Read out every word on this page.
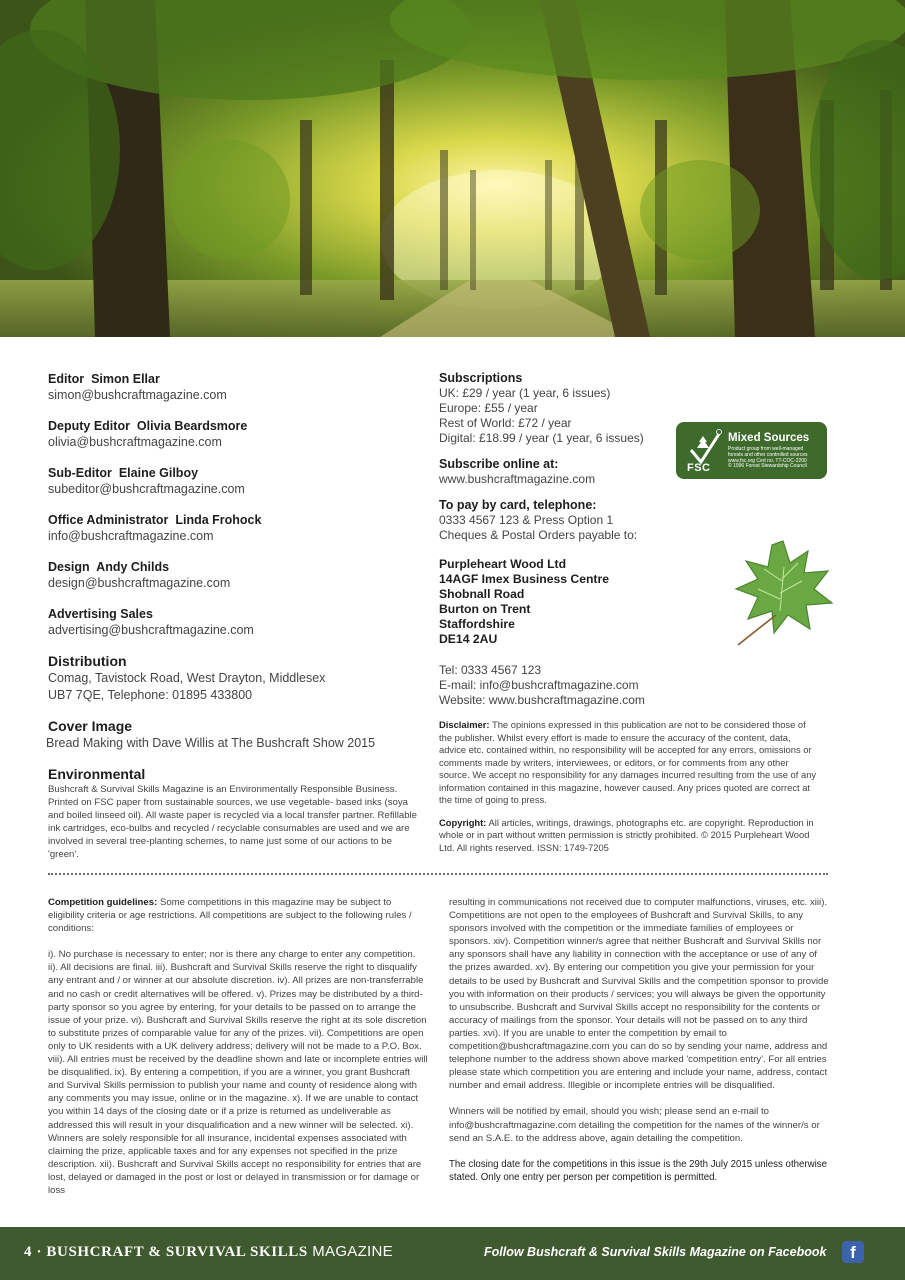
Editor Simon Ellar
simon@bushcraftmagazine.com
Deputy Editor Olivia Beardsmore
olivia@bushcraftmagazine.com
Sub-Editor Elaine Gilboy
subeditor@bushcraftmagazine.com
Office Administrator Linda Frohock
info@bushcraftmagazine.com
Design Andy Childs
design@bushcraftmagazine.com
Advertising Sales
advertising@bushcraftmagazine.com
Distribution
Comag, Tavistock Road, West Drayton, Middlesex
UB7 7QE, Telephone: 01895 433800
Cover Image
Bread Making with Dave Willis at The Bushcraft Show 2015
Environmental
Bushcraft & Survival Skills Magazine is an Environmentally Responsible Business. Printed on FSC paper from sustainable sources, we use vegetable- based inks (soya and boiled linseed oil). All waste paper is recycled via a local transfer partner. Refillable ink cartridges, eco-bulbs and recycled / recyclable consumables are used and we are involved in several tree-planting schemes, to name just some of our actions to be 'green'.
Subscriptions
UK: £29 / year (1 year, 6 issues)
Europe: £55 / year
Rest of World: £72 / year
Digital: £18.99 / year (1 year, 6 issues)
Subscribe online at:
www.bushcraftmagazine.com
To pay by card, telephone:
0333 4567 123 & Press Option 1
Cheques & Postal Orders payable to:
Purpleheart Wood Ltd
14AGF Imex Business Centre
Shobnall Road
Burton on Trent
Staffordshire
DE14 2AU
Tel: 0333 4567 123
E-mail: info@bushcraftmagazine.com
Website: www.bushcraftmagazine.com
Disclaimer: The opinions expressed in this publication are not to be considered those of the publisher. Whilst every effort is made to ensure the accuracy of the content, data, advice etc. contained within, no responsibility will be accepted for any errors, omissions or comments made by writers, interviewees, or editors, or for comments from any other source. We accept no responsibility for any damages incurred resulting from the use of any information contained in this magazine, however caused. Any prices quoted are correct at the time of going to press.
Copyright: All articles, writings, drawings, photographs etc. are copyright. Reproduction in whole or in part without written permission is strictly prohibited. © 2015 Purpleheart Wood Ltd. All rights reserved. ISSN: 1749-7205
FSC
Mixed Sources
Product group from well-managed
forests and other controlled sources
www.fsc.org Cert no. TT-COC-2200
© 1996 Forest Stewardship Council

Competition guidelines: Some competitions in this magazine may be subject to eligibility criteria or age restrictions. All competitions are subject to the following rules / conditions:

i). No purchase is necessary to enter; nor is there any charge to enter any competition. ii). All decisions are final. iii). Bushcraft and Survival Skills reserve the right to disqualify any entrant and / or winner at our absolute discretion. iv). All prizes are non-transferrable and no cash or credit alternatives will be offered. v). Prizes may be distributed by a third-party sponsor so you agree by entering, for your details to be passed on to arrange the issue of your prize. vi). Bushcraft and Survival Skills reserve the right at its sole discretion to substitute prizes of comparable value for any of the prizes. vii). Competitions are open only to UK residents with a UK delivery address; delivery will not be made to a P.O. Box. viii). All entries must be received by the deadline shown and late or incomplete entries will be disqualified. ix). By entering a competition, if you are a winner, you grant Bushcraft and Survival Skills permission to publish your name and county of residence along with any comments you may issue, online or in the magazine. x). If we are unable to contact you within 14 days of the closing date or if a prize is returned as undeliverable as addressed this will result in your disqualification and a new winner will be selected. xi). Winners are solely responsible for all insurance, incidental expenses associated with claiming the prize, applicable taxes and for any expenses not specified in the prize description. xii). Bushcraft and Survival Skills accept no responsibility for entries that are lost, delayed or damaged in the post or lost or delayed in transmission or for damage or loss

resulting in communications not received due to computer malfunctions, viruses, etc. xiii). Competitions are not open to the employees of Bushcraft and Survival Skills, to any sponsors involved with the competition or the immediate families of employees or sponsors. xiv). Competition winner/s agree that neither Bushcraft and Survival Skills nor any sponsors shall have any liability in connection with the acceptance or use of any of the prizes awarded. xv). By entering our competition you give your permission for your details to be used by Bushcraft and Survival Skills and the competition sponsor to provide you with information on their products / services; you will always be given the opportunity to unsubscribe. Bushcraft and Survival Skills accept no responsibility for the contents or accuracy of mailings from the sponsor. Your details will not be passed on to any third parties. xvi). If you are unable to enter the competition by email to competition@bushcraftmagazine.com you can do so by sending your name, address and telephone number to the address shown above marked 'competition entry'. For all entries please state which competition you are entering and include your name, address, contact number and email address. Illegible or incomplete entries will be disqualified.

Winners will be notified by email, should you wish; please send an e-mail to info@bushcraftmagazine.com detailing the competition for the names of the winner/s or send an S.A.E. to the address above, again detailing the competition.

The closing date for the competitions in this issue is the 29th July 2015 unless otherwise stated. Only one entry per person per competition is permitted.

4 · BUSHCRAFT & SURVIVAL SKILLS MAGAZINE	Follow Bushcraft & Survival Skills Magazine on Facebook	f
